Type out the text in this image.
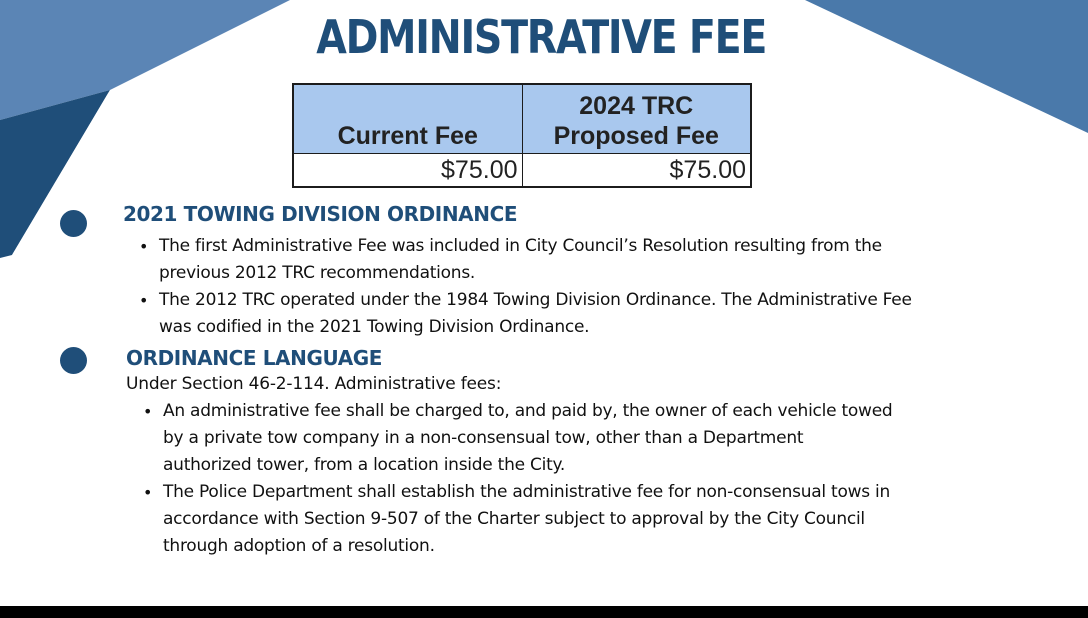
ADMINISTRATIVE FEE
Current Fee	2024 TRC
Proposed Fee

$75.00	$75.00
2021 TOWING DIVISION ORDINANCE
• The first Administrative Fee was included in City Council’s Resolution resulting from the
previous 2012 TRC recommendations.
• The 2012 TRC operated under the 1984 Towing Division Ordinance. The Administrative Fee
was codified in the 2021 Towing Division Ordinance.
ORDINANCE LANGUAGE
Under Section 46-2-114. Administrative fees:
• An administrative fee shall be charged to, and paid by, the owner of each vehicle towed
by a private tow company in a non-consensual tow, other than a Department
authorized tower, from a location inside the City.
• The Police Department shall establish the administrative fee for non-consensual tows in
accordance with Section 9-507 of the Charter subject to approval by the City Council
through adoption of a resolution.
